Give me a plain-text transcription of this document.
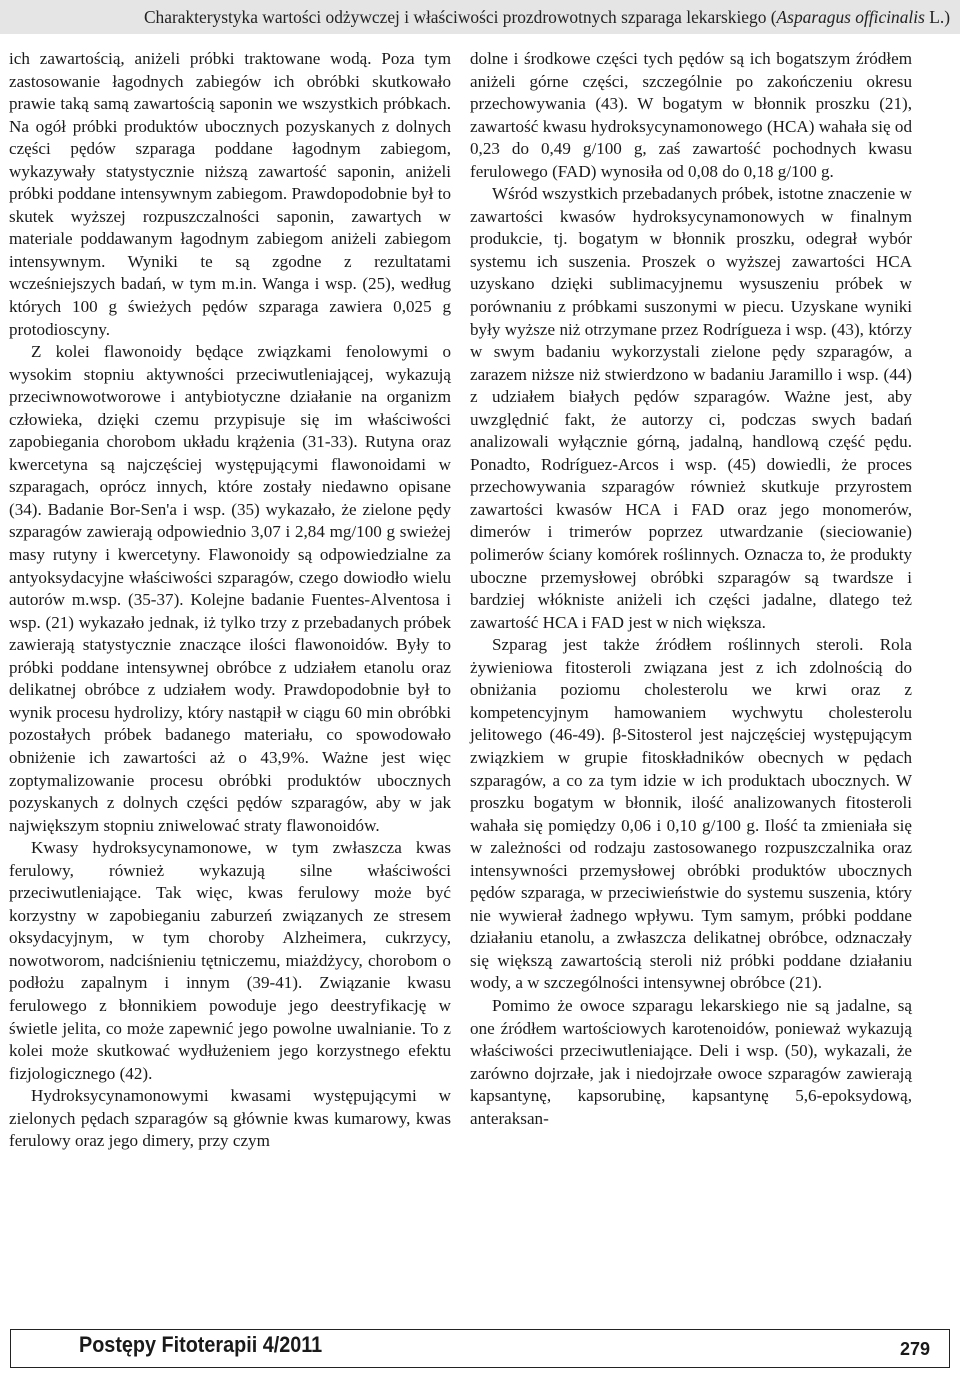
Charakterystyka wartości odżywczej i właściwości prozdrowotnych szparaga lekarskiego (Asparagus officinalis L.)

ich zawartością, aniżeli próbki traktowane wodą. Poza tym zastosowanie łagodnych zabiegów ich obróbki skutkowało prawie taką samą zawartością saponin we wszystkich próbkach. Na ogół próbki produktów ubocznych pozyskanych z dolnych części pędów szparaga poddane łagodnym zabiegom, wykazywały statystycznie niższą zawartość saponin, aniżeli próbki poddane intensywnym zabiegom. Prawdopodobnie był to skutek wyższej rozpuszczalności saponin, zawartych w materiale poddawanym łagodnym zabiegom aniżeli zabiegom intensywnym. Wyniki te są zgodne z rezultatami wcześniejszych badań, w tym m.in. Wanga i wsp. (25), według których 100 g świeżych pędów szparaga zawiera 0,025 g protodioscyny.

Z kolei flawonoidy będące związkami fenolowymi o wysokim stopniu aktywności przeciwutleniającej, wykazują przeciwnowotworowe i antybiotyczne działanie na organizm człowieka, dzięki czemu przypisuje się im właściwości zapobiegania chorobom układu krążenia (31-33). Rutyna oraz kwercetyna są najczęściej występującymi flawonoidami w szparagach, oprócz innych, które zostały niedawno opisane (34). Badanie Bor-Sen'a i wsp. (35) wykazało, że zielone pędy szparagów zawierają odpowiednio 3,07 i 2,84 mg/100 g swieżej masy rutyny i kwercetyny. Flawonoidy są odpowiedzialne za antyoksydacyjne właściwości szparagów, czego dowiodło wielu autorów m.wsp. (35-37). Kolejne badanie Fuentes-Alventosa i wsp. (21) wykazało jednak, iż tylko trzy z przebadanych próbek zawierają statystycznie znaczące ilości flawonoidów. Były to próbki poddane intensywnej obróbce z udziałem etanolu oraz delikatnej obróbce z udziałem wody. Prawdopodobnie był to wynik procesu hydrolizy, który nastąpił w ciągu 60 min obróbki pozostałych próbek badanego materiału, co spowodowało obniżenie ich zawartości aż o 43,9%. Ważne jest więc zoptymalizowanie procesu obróbki produktów ubocznych pozyskanych z dolnych części pędów szparagów, aby w jak największym stopniu zniwelować straty flawonoidów.

Kwasy hydroksycynamonowe, w tym zwłaszcza kwas ferulowy, również wykazują silne właściwości przeciwutleniające. Tak więc, kwas ferulowy może być korzystny w zapobieganiu zaburzeń związanych ze stresem oksydacyjnym, w tym choroby Alzheimera, cukrzycy, nowotworom, nadciśnieniu tętniczemu, miażdżycy, chorobom o podłożu zapalnym i innym (39-41). Związanie kwasu ferulowego z błonnikiem powoduje jego deestryfikację w świetle jelita, co może zapewnić jego powolne uwalnianie. To z kolei może skutkować wydłużeniem jego korzystnego efektu fizjologicznego (42).

Hydroksycynamonowymi kwasami występującymi w zielonych pędach szparagów są głównie kwas kumarowy, kwas ferulowy oraz jego dimery, przy czym

dolne i środkowe części tych pędów są ich bogatszym źródłem aniżeli górne części, szczególnie po zakończeniu okresu przechowywania (43). W bogatym w błonnik proszku (21), zawartość kwasu hydroksycynamonowego (HCA) wahała się od 0,23 do 0,49 g/100 g, zaś zawartość pochodnych kwasu ferulowego (FAD) wynosiła od 0,08 do 0,18 g/100 g.

Wśród wszystkich przebadanych próbek, istotne znaczenie w zawartości kwasów hydroksycynamonowych w finalnym produkcie, tj. bogatym w błonnik proszku, odegrał wybór systemu ich suszenia. Proszek o wyższej zawartości HCA uzyskano dzięki sublimacyjnemu wysuszeniu próbek w porównaniu z próbkami suszonymi w piecu. Uzyskane wyniki były wyższe niż otrzymane przez Rodrígueza i wsp. (43), którzy w swym badaniu wykorzystali zielone pędy szparagów, a zarazem niższe niż stwierdzono w badaniu Jaramillo i wsp. (44) z udziałem białych pędów szparagów. Ważne jest, aby uwzględnić fakt, że autorzy ci, podczas swych badań analizowali wyłącznie górną, jadalną, handlową część pędu. Ponadto, Rodríguez-Arcos i wsp. (45) dowiedli, że proces przechowywania szparagów również skutkuje przyrostem zawartości kwasów HCA i FAD oraz jego monomerów, dimerów i trimerów poprzez utwardzanie (sieciowanie) polimerów ściany komórek roślinnych. Oznacza to, że produkty uboczne przemysłowej obróbki szparagów są twardsze i bardziej włókniste aniżeli ich części jadalne, dlatego też zawartość HCA i FAD jest w nich większa.

Szparag jest także źródłem roślinnych steroli. Rola żywieniowa fitosteroli związana jest z ich zdolnością do obniżania poziomu cholesterolu we krwi oraz z kompetencyjnym hamowaniem wychwytu cholesterolu jelitowego (46-49). β-Sitosterol jest najczęściej występującym związkiem w grupie fitoskładników obecnych w pędach szparagów, a co za tym idzie w ich produktach ubocznych. W proszku bogatym w błonnik, ilość analizowanych fitosteroli wahała się pomiędzy 0,06 i 0,10 g/100 g. Ilość ta zmieniała się w zależności od rodzaju zastosowanego rozpuszczalnika oraz intensywności przemysłowej obróbki produktów ubocznych pędów szparaga, w przeciwieństwie do systemu suszenia, który nie wywierał żadnego wpływu. Tym samym, próbki poddane działaniu etanolu, a zwłaszcza delikatnej obróbce, odznaczały się większą zawartością steroli niż próbki poddane działaniu wody, a w szczególności intensywnej obróbce (21).

Pomimo że owoce szparagu lekarskiego nie są jadalne, są one źródłem wartościowych karotenoidów, ponieważ wykazują właściwości przeciwutleniające. Deli i wsp. (50), wykazali, że zarówno dojrzałe, jak i niedojrzałe owoce szparagów zawierają kapsantynę, kapsorubinę, kapsantynę 5,6-epoksydową, anteraksan-

Postępy Fitoterapii 4/2011	279
